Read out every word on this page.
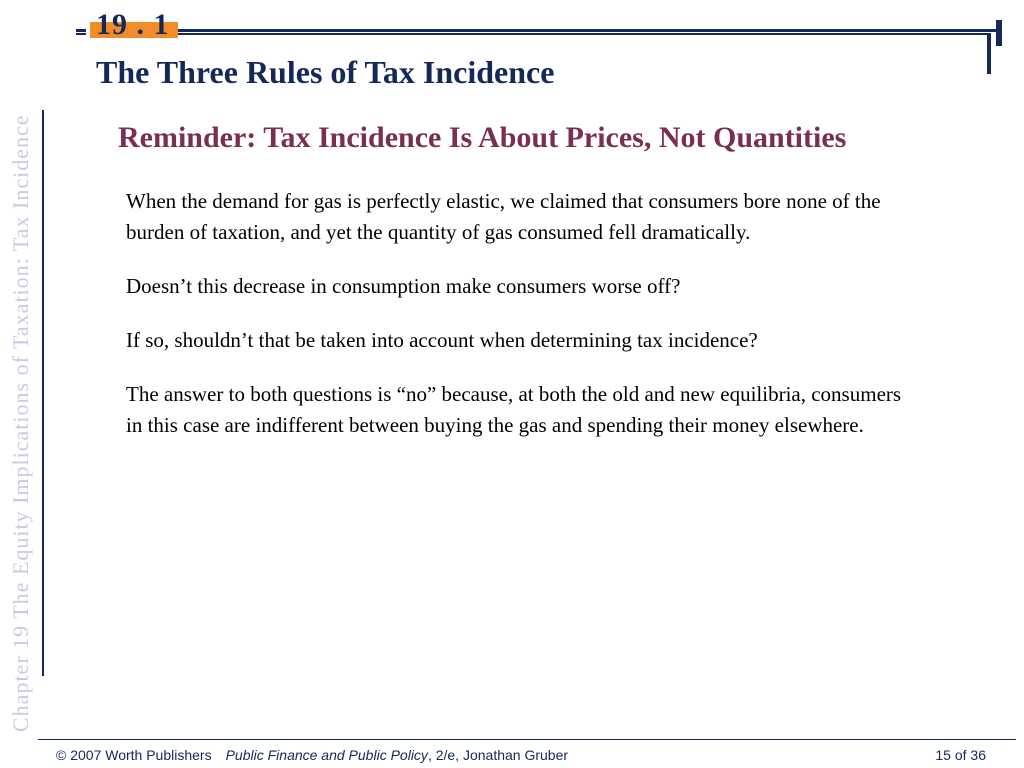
19 . 1
The Three Rules of Tax Incidence
Chapter 19 The Equity Implications of Taxation: Tax Incidence	Reminder: Tax Incidence Is About Prices, Not Quantities

When the demand for gas is perfectly elastic, we claimed that consumers bore none of the burden of taxation, and yet the quantity of gas consumed fell dramatically.

Doesn’t this decrease in consumption make consumers worse off?

If so, shouldn’t that be taken into account when determining tax incidence?

The answer to both questions is “no” because, at both the old and new equilibria, consumers in this case are indifferent between buying the gas and spending their money elsewhere.

© 2007 Worth Publishers Public Finance and Public Policy, 2/e, Jonathan Gruber	15 of 36
